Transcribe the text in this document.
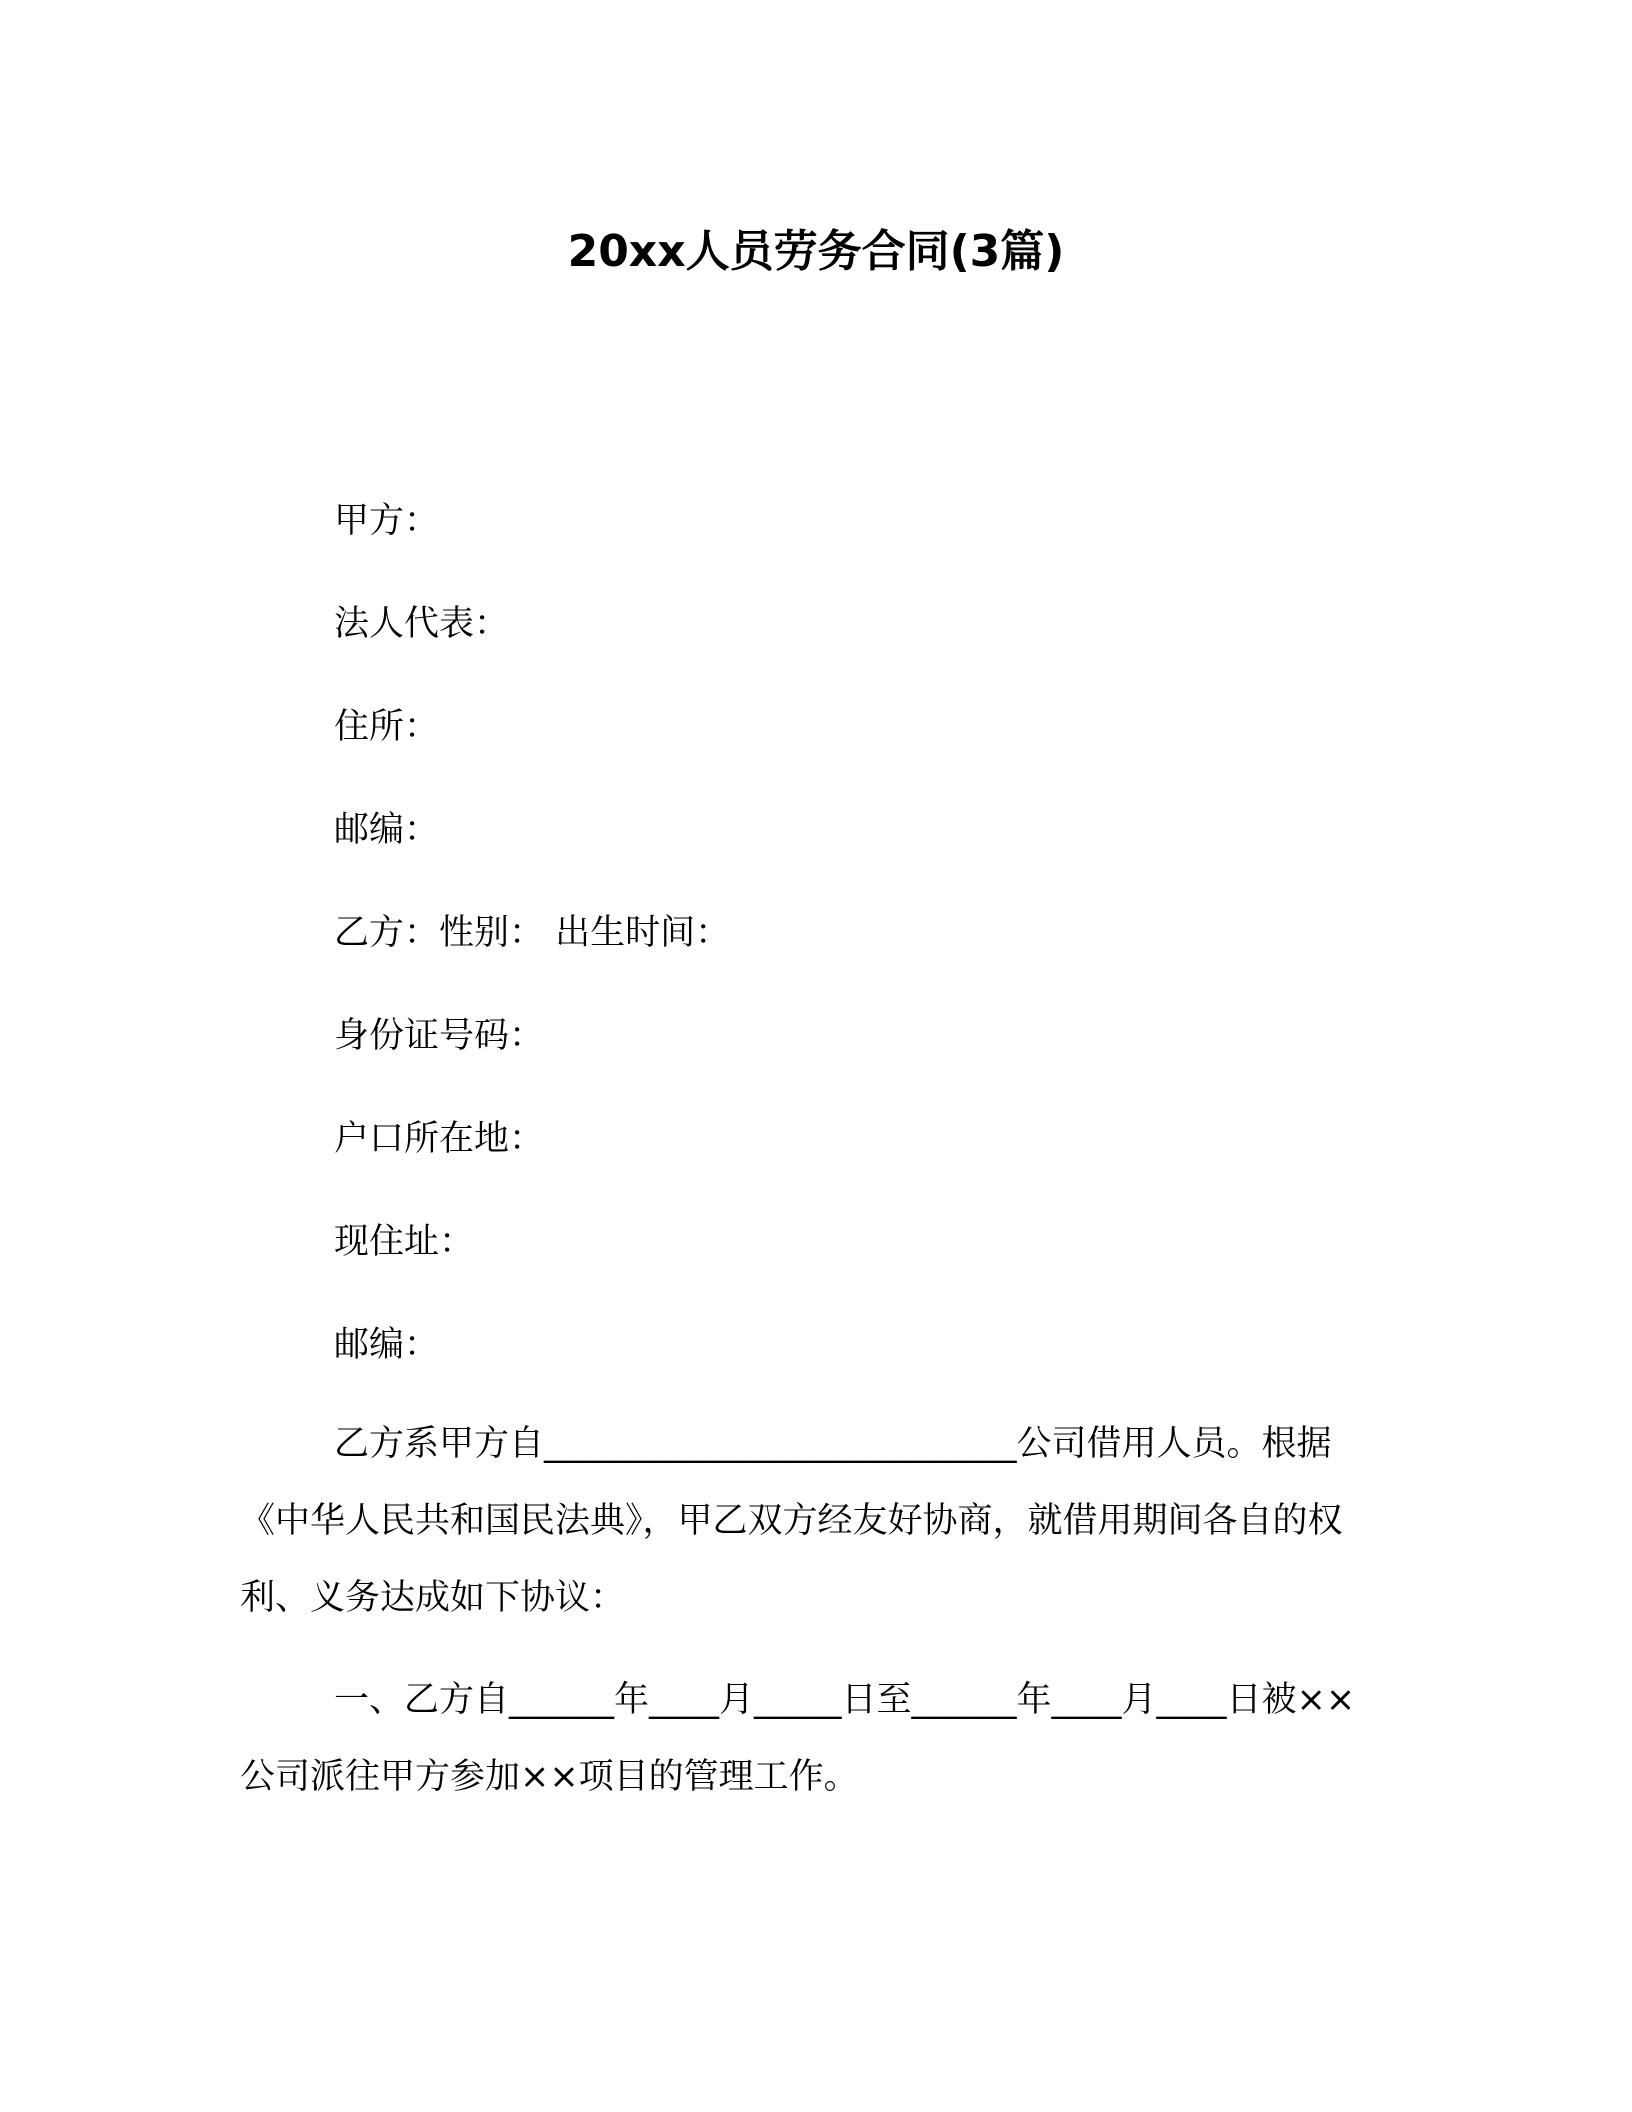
20xx人员劳务合同(3篇)

甲方：

法人代表：

住所：

邮编：

乙方：性别： 出生时间：

身份证号码：

户口所在地：

现住址：

邮编：

乙方系甲方自___________________________公司借用人员。根据《中华人民共和国民法典》，甲乙双方经友好协商，就借用期间各自的权利、义务达成如下协议：

一、乙方自______年____月_____日至______年____月____日被××公司派往甲方参加××项目的管理工作。
